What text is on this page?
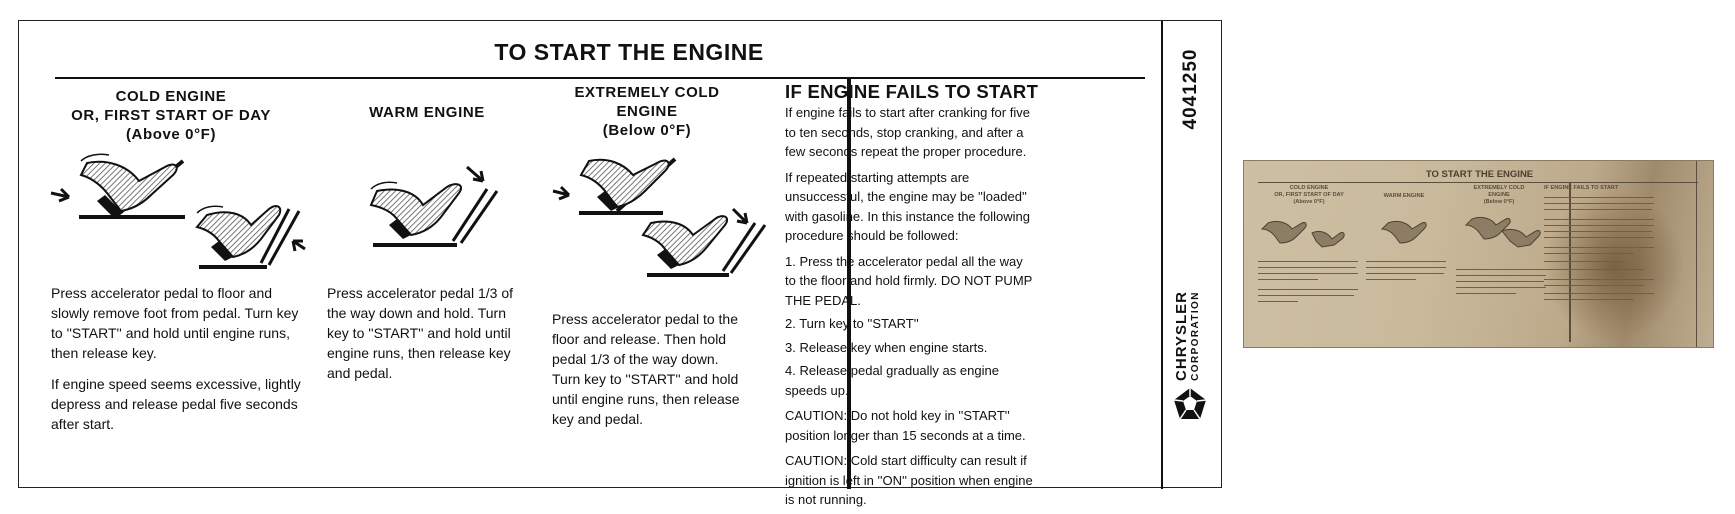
TO START THE ENGINE
COLD ENGINE
OR, FIRST START OF DAY
(Above 0°F)

Press accelerator pedal to floor and slowly remove foot from pedal. Turn key to ''START'' and hold until engine runs, then release key.

If engine speed seems excessive, lightly depress and release pedal five seconds after start.

WARM ENGINE

Press accelerator pedal 1/3 of the way down and hold. Turn key to ''START'' and hold until engine runs, then release key and pedal.

EXTREMELY COLD
ENGINE
(Below 0°F)

Press accelerator pedal to the floor and release. Then hold pedal 1/3 of the way down. Turn key to ''START'' and hold until engine runs, then release key and pedal.

IF ENGINE FAILS TO START

If engine fails to start after cranking for five to ten seconds, stop cranking, and after a few seconds repeat the proper procedure.

If repeated starting attempts are unsuccessful, the engine may be ''loaded'' with gasoline. In this instance the following procedure should be followed:

1. Press the accelerator pedal all the way to the floor and hold firmly. DO NOT PUMP THE PEDAL.

2. Turn key to ''START''

3. Release key when engine starts.

4. Release pedal gradually as engine speeds up.

CAUTION: Do not hold key in ''START'' position longer than 15 seconds at a time.

CAUTION: Cold start difficulty can result if ignition is left in ''ON'' position when engine is not running.

4041250
CHRYSLER CORPORATION
TO START THE ENGINE
COLD ENGINE
OR, FIRST START OF DAY
(Above 0°F)
WARM ENGINE
EXTREMELY COLD
ENGINE
(Below 0°F)
IF ENGINE FAILS TO START
